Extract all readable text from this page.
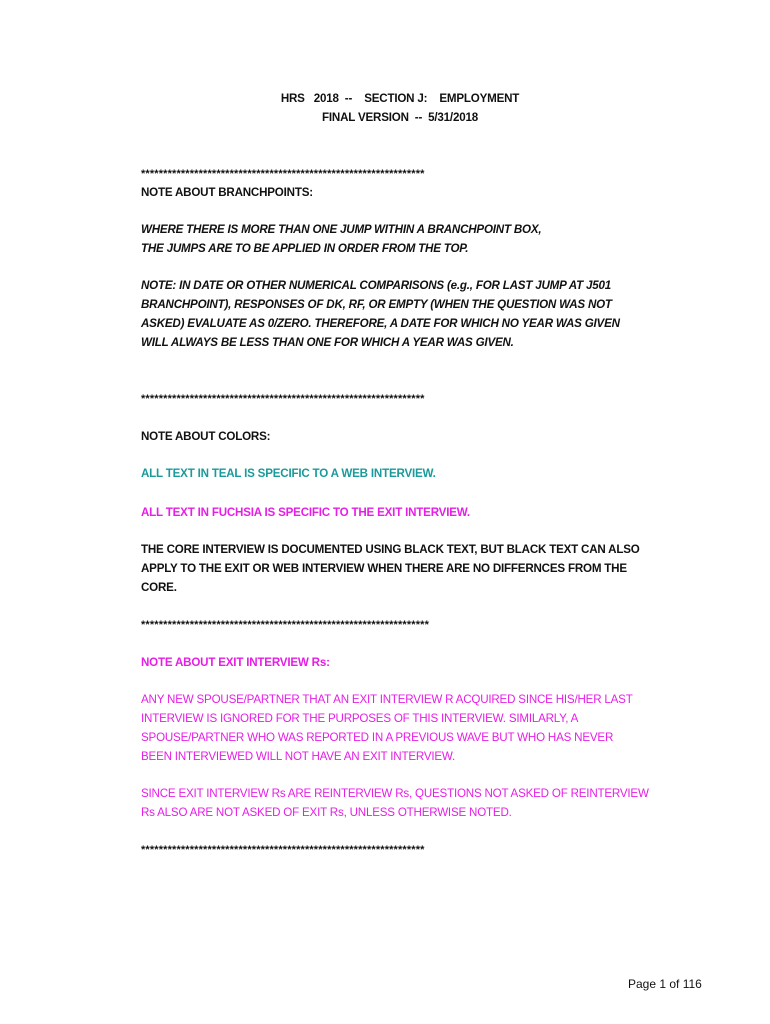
HRS   2018  --    SECTION J:    EMPLOYMENT
FINAL VERSION  --  5/31/2018
****************************************************************
NOTE ABOUT BRANCHPOINTS:
WHERE THERE IS MORE THAN ONE JUMP WITHIN A BRANCHPOINT BOX,
THE JUMPS ARE TO BE APPLIED IN ORDER FROM THE TOP.
NOTE: IN DATE OR OTHER NUMERICAL COMPARISONS (e.g., FOR LAST JUMP AT J501
BRANCHPOINT), RESPONSES OF DK, RF, OR EMPTY (WHEN THE QUESTION WAS NOT
ASKED) EVALUATE AS 0/ZERO. THEREFORE, A DATE FOR WHICH NO YEAR WAS GIVEN
WILL ALWAYS BE LESS THAN ONE FOR WHICH A YEAR WAS GIVEN.
****************************************************************
NOTE ABOUT COLORS:
ALL TEXT IN TEAL IS SPECIFIC TO A WEB INTERVIEW.
ALL TEXT IN FUCHSIA IS SPECIFIC TO THE EXIT INTERVIEW.
THE CORE INTERVIEW IS DOCUMENTED USING BLACK TEXT, BUT BLACK TEXT CAN ALSO
APPLY TO THE EXIT OR WEB INTERVIEW WHEN THERE ARE NO DIFFERNCES FROM THE
CORE.
*****************************************************************
NOTE ABOUT EXIT INTERVIEW Rs:
ANY NEW SPOUSE/PARTNER THAT AN EXIT INTERVIEW R ACQUIRED SINCE HIS/HER LAST
INTERVIEW IS IGNORED FOR THE PURPOSES OF THIS INTERVIEW. SIMILARLY, A
SPOUSE/PARTNER WHO WAS REPORTED IN A PREVIOUS WAVE BUT WHO HAS NEVER
BEEN INTERVIEWED WILL NOT HAVE AN EXIT INTERVIEW.
SINCE EXIT INTERVIEW Rs ARE REINTERVIEW Rs, QUESTIONS NOT ASKED OF REINTERVIEW
Rs ALSO ARE NOT ASKED OF EXIT Rs, UNLESS OTHERWISE NOTED.
****************************************************************
Page 1 of 116
